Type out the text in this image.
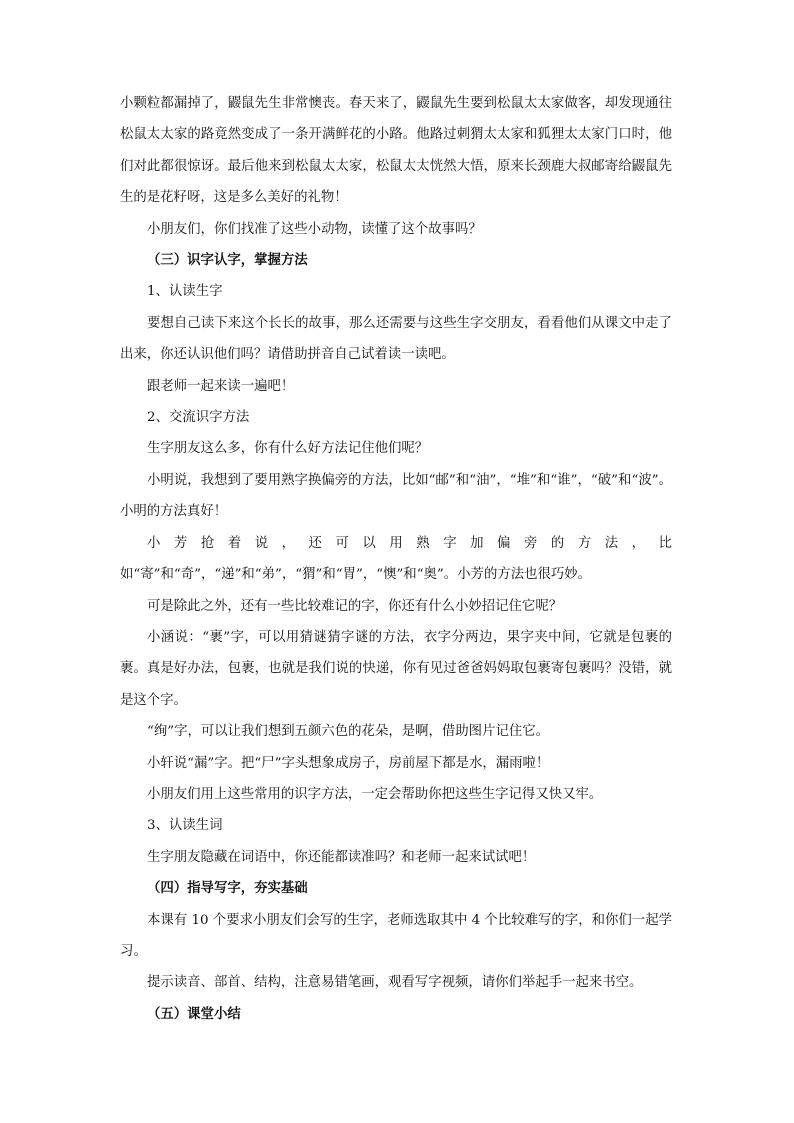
小颗粒都漏掉了，鼹鼠先生非常懊丧。春天来了，鼹鼠先生要到松鼠太太家做客，却发现通往松鼠太太家的路竟然变成了一条开满鲜花的小路。他路过刺猬太太家和狐狸太太家门口时，他们对此都很惊讶。最后他来到松鼠太太家，松鼠太太恍然大悟，原来长颈鹿大叔邮寄给鼹鼠先生的是花籽呀，这是多么美好的礼物！

小朋友们，你们找准了这些小动物，读懂了这个故事吗？

（三）识字认字，掌握方法

1、认读生字

要想自己读下来这个长长的故事，那么还需要与这些生字交朋友，看看他们从课文中走了出来，你还认识他们吗？请借助拼音自己试着读一读吧。

跟老师一起来读一遍吧！

2、交流识字方法

生字朋友这么多，你有什么好方法记住他们呢？

小明说，我想到了要用熟字换偏旁的方法，比如“邮”和“油”，“堆”和“谁”，“破”和“波”。小明的方法真好！

小芳抢着说，还可以用熟字加偏旁的方法，比如“寄”和“奇”，“递”和“弟”，“猬”和“胃”，“懊”和“奥”。小芳的方法也很巧妙。

可是除此之外，还有一些比较难记的字，你还有什么小妙招记住它呢？

小涵说：“裹”字，可以用猜谜猜字谜的方法，衣字分两边，果字夹中间，它就是包裹的裹。真是好办法，包裹，也就是我们说的快递，你有见过爸爸妈妈取包裹寄包裹吗？没错，就是这个字。

“绚”字，可以让我们想到五颜六色的花朵，是啊，借助图片记住它。

小轩说“漏”字。把“尸”字头想象成房子，房前屋下都是水，漏雨啦！

小朋友们用上这些常用的识字方法，一定会帮助你把这些生字记得又快又牢。

3、认读生词

生字朋友隐藏在词语中，你还能都读准吗？和老师一起来试试吧！

（四）指导写字，夯实基础

本课有 10 个要求小朋友们会写的生字，老师选取其中 4 个比较难写的字，和你们一起学习。

提示读音、部首、结构，注意易错笔画，观看写字视频，请你们举起手一起来书空。

（五）课堂小结
